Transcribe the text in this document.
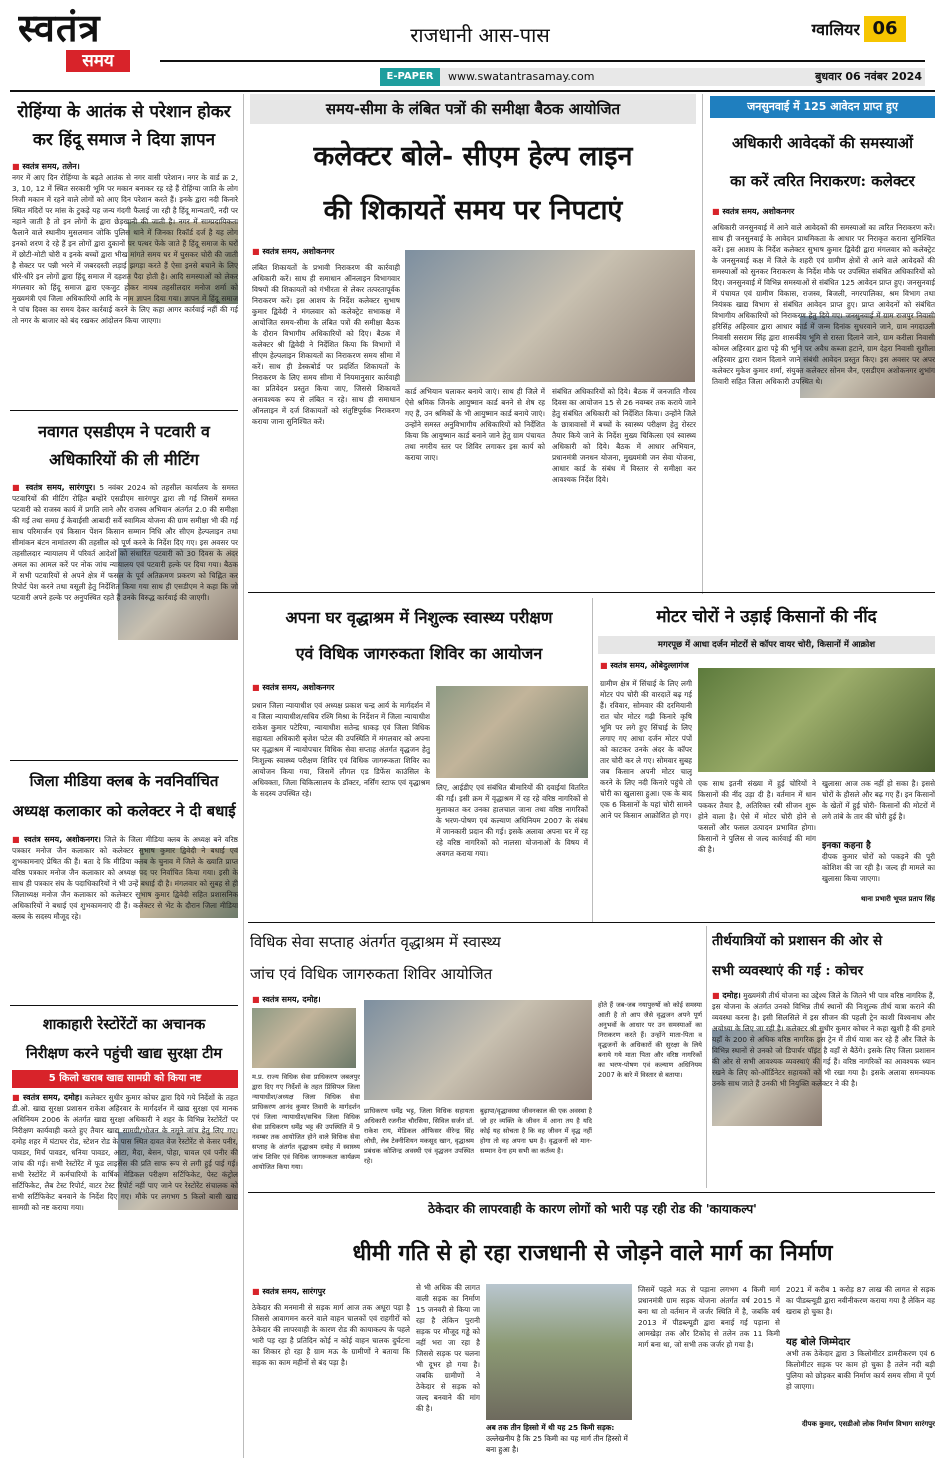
स्वतंत्र
समय
राजधानी आस-पास	ग्वालियर 06
E-PAPER	www.swatantrasamay.com	बुधवार 06 नवंबर 2024
रोहिंग्या के आतंक से परेशान होकर
कर हिंदू समाज ने दिया ज्ञापन
■ स्वतंत्र समय, तलेन।
नगर में आए दिन रोहिंग्या के बढ़ते आतंक से नगर वासी परेशान। नगर के वार्ड क्र 2, 3, 10, 12 में स्थित सरकारी भूमि पर मकान बनाकर रह रहे हैं रोहिंग्या जाति के लोग निजी मकान में रहने वाले लोगों को आए दिन परेशान करते हैं। इनके द्वारा नदी किनारे स्थित मंदिरों पर मांस के टुकड़े यह जन्य गंदगी फैलाई जा रही है हिंदू मान्यताएँ, नदी पर नहाने जाती है तो इन लोगों के द्वारा छेड़खानी की जाती है। नगर में साम्प्रदायिकता फैलाने वाले स्थानीय मुसलमान जोकि पुलिस थाने में जिनका रिकॉर्ड दर्ज है यह लोग इनको शरण दे रहे हैं इन लोगों द्वारा दुकानों पर पत्थर फेंके जाते हैं हिंदू समाज के घरों में छोटी-मोटी चोरी व इनके बच्चों द्वारा भीख मांगते समय घर में घुसकर चोरी की जाती है सेक्टर पर पन्नी भरने में जबरदस्ती लड़ाई झगड़ा करते हैं ऐसा इनसे बचाने के लिए धीरे-धीरे इन लोगों द्वारा हिंदू समाज में दहशत पैदा होती है। आदि समस्याओं को लेकर मंगलवार को हिंदू समाज द्वारा एकजुट होकर नायब तहसीलदार मनोज शर्मा को मुख्यमंत्री एवं जिला अधिकारियों आदि के नाम ज्ञापन दिया गया। ज्ञापन में हिंदू समाज ने पांच दिवस का समय देकर कार्रवाई करने के लिए कहा आगर कार्रवाई नहीं की गई तो नगर के बाजार को बंद रखकर आंदोलन किया जाएगा।
नवागत एसडीएम ने पटवारी व
अधिकारियों की ली मीटिंग
■ स्वतंत्र समय, सारंगपुर। 5 नवंबर 2024 को तहसील कार्यालय के समस्त पटवारियों की मीटिंग रोहित बम्होरे एसडीएम सारंगपुर द्वारा ली गई जिसमें समस्त पटवारी को राजस्व कार्य में प्रगति लाने और राजस्व अभियान अंतर्गत 2.0 की समीक्षा की गई तथा समग्र ई केवाईसी आबादी सर्वे स्वामित्व योजना की ग्राम समीक्षा भी की गई साथ परिमार्जन एवं किसान पेंशन किसान सम्मान निधि और सीएम हेल्पलाइन तथा सीमांकन बंटन नामांतरण की तहसील को पूर्ण करने के निर्देश दिए गए। इस अवसर पर तहसीलदार न्यायालय में परिवर्त आदेशों को संधारित पटवारी को 30 दिवस के अंदर अमल का आमल करें पर नोक जांच न्यायालय एवं पटवारी हल्के पर दिया गया। बैठक में सभी पटवारियों से अपने क्षेत्र में फसल के पूर्व अतिक्रमण प्रकरण को चिह्नित कर रिपोर्ट पेश करने तथा वसूली हेतु निर्देशित किया गया साथ ही एसडीएम ने कहा कि जो पटवारी अपने हल्के पर अनुपस्थित रहते हैं उनके विरुद्ध कार्रवाई की जाएगी।
जिला मीडिया क्लब के नवनिर्वाचित
अध्यक्ष कलाकार को कलेक्टर ने दी बधाई
■ स्वतंत्र समय, अशोकनगर। जिले के जिला मीडिया क्लब के अध्यक्ष बने वरिष्ठ पत्रकार मनोज जैन कलाकार को कलेक्टर सुभाष कुमार द्विवेदी ने बधाई एवं शुभकामनाएं प्रेषित की हैं। बता दे कि मीडिया क्लब के चुनाव में जिले के ख्याति प्राप्त वरिष्ठ पत्रकार मनोज जैन कलाकार को अध्यक्ष पद पर निर्वाचित किया गया। इसी के साथ ही पत्रकार संघ के पदाधिकारियों ने भी उन्हें बधाई दी है। मंगलवार को सुबह से ही जिलाध्यक्ष मनोज जैन कलाकार को कलेक्टर सुभाष कुमार द्विवेदी सहित प्रशासनिक अधिकारियों ने बधाई एवं शुभकामनाएं दी हैं। कलेक्टर से भेंट के दौरान जिला मीडिया क्लब के सदस्य मौजूद रहे।
शाकाहारी रेस्टोरेंटों का अचानक
निरीक्षण करने पहुंची खाद्य सुरक्षा टीम
5 किलो खराब खाद्य सामग्री को किया नष्ट
■ स्वतंत्र समय, दमोह। कलेक्टर सुधीर कुमार कोचर द्वारा दिये गये निर्देशों के तहत डी.ओ. खाद्य सुरक्षा प्रशासन राकेश अहिरवार के मार्गदर्शन में खाद्य सुरक्षा एवं मानक अधिनियम 2006 के अंतर्गत खाद्य सुरक्षा अधिकारी ने शहर के विभिन्न रेस्टोरेंटों पर निरीक्षण कार्यवाही करते हुए तैयार खाद्य सामग्री/भोजन के नमूने जांच हेतु लिए गए। दमोह शहर में घंटाघर रोड, स्टेशन रोड के पास स्थित दावत वेज रेस्टोरेंट से केसर पनीर, पावडर, मिर्च पावडर, धनिया पावडर, आटा, मैदा, बेसन, पोहा, चावल एवं पनीर की जांच की गई। सभी रेस्टोरेंट में फूड लाइसेंस की प्रति साफ रूप से लगी हुई पाई गई। सभी रेस्टोरेंट में कर्मचारियों के वार्षिक मेडिकल परीक्षण सर्टिफिकेट, पेस्ट कंट्रोल सर्टिफिकेट, लैब टेस्ट रिपोर्ट, वाटर टेस्ट रिपोर्ट नहीं पाए जाने पर रेस्टोरेंट संचालक को सभी सर्टिफिकेट बनवाने के निर्देश दिए गए। मौके पर लगभग 5 किलो बासी खाद्य सामग्री को नष्ट कराया गया।
समय-सीमा के लंबित पत्रों की समीक्षा बैठक आयोजित
कलेक्टर बोले- सीएम हेल्प लाइन
की शिकायतें समय पर निपटाएं
■ स्वतंत्र समय, अशोकनगर
लंबित शिकायतों के प्रभावी निराकरण की कार्रवाही अधिकारी करें। साथ ही समाधान ऑनलाइन विभागवार विषयों की शिकायतों को गंभीरता से लेकर तत्परतापूर्वक निराकरण करें। इस आशय के निर्देश कलेक्टर सुभाष कुमार द्विवेदी ने मंगलवार को कलेक्ट्रेट सभाकक्ष में आयोजित समय-सीमा के लंबित पत्रों की समीक्षा बैठक के दौरान विभागीय अधिकारियों को दिए। बैठक में कलेक्टर श्री द्विवेदी ने निर्देशित किया कि विभागों में सीएम हेल्पलाइन शिकायतों का निराकरण समय सीमा में करें। साथ ही डेस्कबोर्ड पर प्रदर्शित शिकायतों के निराकरण के लिए समय सीमा में नियमानुसार कार्रवाही का प्रतिवेदन प्रस्तुत किया जाए, जिससे शिकायतें अनावश्यक रूप से लंबित न रहे। साथ ही समाधान ऑनलाइन में दर्ज शिकायतों को संतुष्टिपूर्वक निराकरण कराया जाना सुनिश्चित करें।
कार्ड अभियान चलाकर बनाये जाएं। साथ ही जिले में ऐसे श्रमिक जिनके आयुष्मान कार्ड बनने से शेष रह गए हैं, उन श्रमिकों के भी आयुष्मान कार्ड बनाये जाएं। उन्होंने समस्त अनुविभागीय अधिकारियों को निर्देशित किया कि आयुष्मान कार्ड बनाने जाने हेतु ग्राम पंचायत तथा नगरीय स्तर पर शिविर लगाकर इस कार्य को कराया जाए।
संबंधित अधिकारियों को दिये। बैठक में जनजाति गौरव दिवस का आयोजन 15 से 26 नवम्बर तक कराये जाने हेतु संबंधित अधिकारी को निर्देशित किया। उन्होंने जिले के छात्रावासों में बच्चों के स्वास्थ्य परीक्षण हेतु रोस्टर तैयार किये जाने के निर्देश मुख्य चिकित्सा एवं स्वास्थ्य अधिकारी को दिये। बैठक में आधार अभियान, प्रधानमंत्री जनधन योजना, मुख्यमंत्री जन सेवा योजना, आधार कार्ड के संबंध में विस्तार से समीक्षा कर आवश्यक निर्देश दिये।
जनसुनवाई में 125 आवेदन प्राप्त हुए
अधिकारी आवेदकों की समस्याओं
का करें त्वरित निराकरण: कलेक्टर
■ स्वतंत्र समय, अशोकनगर
अधिकारी जनसुनवाई में आने वाले आवेदकों की समस्याओं का त्वरित निराकरण करें। साथ ही जनसुनवाई के आवेदन प्राथमिकता के आधार पर निराकृत कराना सुनिश्चित करें। इस आशय के निर्देश कलेक्टर सुभाष कुमार द्विवेदी द्वारा मंगलवार को कलेक्ट्रेट के जनसुनवाई कक्ष में जिले के शहरी एवं ग्रामीण क्षेत्रों से आने वाले आवेदकों की समस्याओं को सुनकर निराकरण के निर्देश मौके पर उपस्थित संबंधित अधिकारियों को दिए। जनसुनवाई में विभिन्न समस्याओं से संबंधित 125 आवेदन प्राप्त हुए। जनसुनवाई में पंचायत एवं ग्रामीण विकास, राजस्व, बिजली, नगरपालिका, श्रम विभाग तथा नियंत्रक खाद्य विभाग से संबंधित आवेदन प्राप्त हुए। प्राप्त आवेदनों को संबंधित विभागीय अधिकारियों को निराकरण हेतु दिये गए। जनसुनवाई में ग्राम राजपुर निवासी हरिसिंह अहिरवार द्वारा आधार कार्ड में जन्म दिनांक सुधरवाने जाने, ग्राम नगदाउली निवासी ससराम सिंह द्वारा शासकीय भूमि से रास्ता दिलाने जाने, ग्राम करीला निवासी कोमल अहिरवार द्वारा पट्टे की भूमि पर अवैध कब्जा हटाने, ग्राम देहरा निवासी सुशीला अहिरवार द्वारा राशन दिलाने जाने संबंधी आवेदन प्रस्तुत किए। इस अवसर पर अपर कलेक्टर मुकेश कुमार शर्मा, संयुक्त कलेक्टर सोनम जैन, एसडीएम अशोकनगर शुभांग तिवारी सहित जिला अधिकारी उपस्थित थे।
अपना घर वृद्धाश्रम में निशुल्क स्वास्थ्य परीक्षण
एवं विधिक जागरुकता शिविर का आयोजन
■ स्वतंत्र समय, अशोकनगर
प्रधान जिला न्यायाधीश एवं अध्यक्ष प्रकाश चन्द्र आर्य के मार्गदर्शन में व जिला न्यायाधीश/सचिव रश्मि मिश्रा के निर्देशन में जिला न्यायाधीश राकेश कुमार पटेरिया, न्यायाधीश सतेन्द्र धाकड़ एवं जिला विधिक सहायता अधिकारी बृजेश पटेल की उपस्थिति में मंगलवार को अपना घर वृद्धाश्रम में न्यायोपचार विधिक सेवा सप्ताह अंतर्गत वृद्धजन हेतु निःशुल्क स्वास्थ्य परीक्षण शिविर एवं विधिक जागरूकता शिविर का आयोजन किया गया, जिसमें लीगल एड डिफेंस काउंसिल के अधिवक्ता, जिला चिकित्सालय के डॉक्टर, नर्सिंग स्टाफ एवं वृद्धाश्रम के सदस्य उपस्थित रहे।
लिए, आईडीए एवं संबंधित बीमारियों की दवाईयां वितरित की गईं। इसी क्रम में वृद्धाश्रम में रह रहे वरिष्ठ नागरिकों से मुलाकात कर उनका हालचाल जाना तथा वरिष्ठ नागरिकों के भरण-पोषण एवं कल्याण अधिनियम 2007 के संबंध में जानकारी प्रदान की गई। इसके अलावा अपना घर में रह रहे वरिष्ठ नागरिकों को नालसा योजनाओं के विषय में अवगत कराया गया।
मोटर चोरों ने उड़ाई किसानों की नींद
मगरपूछ में आधा दर्जन मोटरों से कॉपर वायर चोरी, किसानों में आक्रोश
■ स्वतंत्र समय, ओबेदुल्लागंज
ग्रामीण क्षेत्र में सिंचाई के लिए लगी मोटर पंप चोरी की वारदातें बढ़ गई हैं। रविवार, सोमवार की दरमियानी रात चोर मोटर गढ़ी किनारे कृषि भूमि पर लगे हुए सिंचाई के लिए लगाए गए आधा दर्जन मोटर पंपों को काटकर उनके अंदर के कॉपर तार चोरी कर ले गए। सोमवार सुबह जब किसान अपनी मोटर चालू करने के लिए नदी किनारे पहुंचे तो चोरी का खुलासा हुआ। एक के बाद एक 6 किसानों के यहां चोरी सामने आने पर किसान आक्रोशित हो गए।
एक साथ इतनी संख्या में हुई चोरियों ने किसानों की नींद उड़ा दी है। वर्तमान में धान पककर तैयार है, अतिरिक्त रबी सीजन शुरू होने वाला है। ऐसे में मोटर चोरी होने से फसलों और फसल उत्पादन प्रभावित होगा। किसानों ने पुलिस से जल्द कार्रवाई की मांग की है।
खुलासा आज तक नहीं हो सका है। इससे चोरों के हौसले और बढ़ गए हैं। इन किसानों के खेतों में हुई चोरी- किसानों की मोटरों में लगे तांबे के तार की चोरी हुई है।
इनका कहना है
दीपक कुमार चोरों को पकड़ने की पूरी कोशिश की जा रही है। जल्द ही मामले का खुलासा किया जाएगा।
थाना प्रभारी भूपत प्रताप सिंह
विधिक सेवा सप्ताह अंतर्गत वृद्धाश्रम में स्वास्थ्य
जांच एवं विधिक जागरुकता शिविर आयोजित
■ स्वतंत्र समय, दमोह।
म.प्र. राज्य विधिक सेवा प्राधिकरण जबलपुर द्वारा दिए गए निर्देशों के तहत प्रिंसिपल जिला न्यायाधीश/अध्यक्ष जिला विधिक सेवा प्राधिकरण आनंद कुमार तिवारी के मार्गदर्शन एवं जिला न्यायाधीश/सचिव जिला विधिक सेवा प्राधिकरण धर्मेंद्र भट्ट की उपस्थिति में 9 नवम्बर तक आयोजित होने वाले विधिक सेवा सप्ताह के अंतर्गत वृद्धाश्रम दमोह में स्वास्थ्य जांच शिविर एवं विधिक जागरूकता कार्यक्रम आयोजित किया गया।
प्राधिकरण धर्मेंद्र भट्ट, जिला विधिक सहायता अधिकारी रजनीश चौरसिया, सिविल सर्जन डॉ. राकेश राय, मेडिकल ऑफिसर वीरेन्द्र सिंह लोधी, लेब टेक्नीशियन मकसूद खान, वृद्धाश्रम प्रबंधक कोशिन्द्र अवस्थी एवं वृद्धजन उपस्थित रहे।
बुढ़ापा/वृद्धावस्था जीवनकाल की एक अवस्था है जो हर व्यक्ति के जीवन में आना तय है यदि कोई यह सोचता है कि वह जीवन में वृद्ध नहीं होगा तो वह अपना भ्रम है। वृद्धजनों को मान-सम्मान देना हम सभी का कर्तव्य है।
होते हैं जब-जब नयापुरुषों को कोई समस्या आती है तो आप जैसे वृद्धजन अपने पूर्ण अनुभवों के आधार पर उन समस्याओं का निराकरण करते हैं। उन्होंने माता-पिता व वृद्धजनों के अधिकारों की सुरक्षा के लिये बनाये गये माता पिता और वरिष्ठ नागरिकों का भरण-पोषण एवं कल्याण अधिनियम 2007 के बारे में विस्तार से बताया।
तीर्थयात्रियों को प्रशासन की ओर से
सभी व्यवस्थाएं की गई : कोचर
■ दमोह। मुख्यमंत्री तीर्थ योजना का उद्देश्य जिले के जितने भी पात्र वरिष्ठ नागरिक हैं, इस योजना के अंतर्गत उनको विभिन्न तीर्थ स्थानों की निःशुल्क तीर्थ यात्रा कराने की व्यवस्था करना है। इसी सिलसिले में इस सीजन की पहली ट्रेन काशी विश्वनाथ और अयोध्या के लिए जा रही है। कलेक्टर श्री सुधीर कुमार कोचर ने कहा खुशी है की हमारे यहाँ के 200 से अधिक वरिष्ठ नागरिक इस ट्रेन में तीर्थ यात्रा कर रहे हैं और जिले के विभिन्न स्थानों से उनको जो डिपार्चर पॉइंट है वहाँ से बैठेंगे। इसके लिए जिला प्रशासन की ओर से सभी आवश्यक व्यवस्थाएं की गई हैं। वरिष्ठ नागरिकों का आवश्यक ध्यान रखने के लिए को-ऑर्डिनेटर सहायकों को भी रखा गया है। इसके अलावा समन्वयक उनके साथ जाते हैं उनकी भी नियुक्ति कलेक्टर ने की है।
ठेकेदार की लापरवाही के कारण लोगों को भारी पड़ रही रोड की 'कायाकल्प'
धीमी गति से हो रहा राजधानी से जोड़ने वाले मार्ग का निर्माण
■ स्वतंत्र समय, सारंगपुर
ठेकेदार की मनमानी से सड़क मार्ग आज तक अधूरा पड़ा है जिससे आवागमन करने वाले वाहन चालकों एवं राहगीरों को ठेकेदार की लापरवाही के कारण रोड की कायाकल्प के पहले भारी पड़ रहा है प्रतिदिन कोई न कोई वाहन चालक दुर्घटना का शिकार हो रहा है ग्राम मऊ के ग्रामीणों ने बताया कि सड़क का काम महीनों से बंद पड़ा है।
से भी अधिक की लागत वाली सड़क का निर्माण 15 जनवरी से किया जा रहा है लेकिन पुरानी सड़क पर मौजूद गड्ढे को नहीं भरा जा रहा है जिससे सड़क पर चलना भी दूभर हो गया है। जबकि ग्रामीणों ने ठेकेदार से सड़क को जल्द बनवाने की मांग की है।
अब तक तीन हिस्सो में थी यह 25 किमी सड़क: उल्लेखनीय है कि 25 किमी का यह मार्ग तीन हिस्सो में बना हुआ है।
जिसमें पहले मऊ से पड़ाना लगभग 4 किमी मार्ग प्रधानमंत्री ग्राम सड़क योजना अंतर्गत वर्ष 2015 में बना था तो वर्तमान में जर्जर स्थिति में है, जबकि वर्ष 2013 में पीडब्ल्यूडी द्वारा बनाई गई पड़ाना से आमखेड़ा तक और टिकोद से तलेन तक 11 किमी मार्ग बना था, जो सभी तक जर्जर हो गया है।
2021 में करीब 1 करोड़ 87 लाख की लागत से सड़क का पीडब्ल्यूडी द्वारा नवीनीकरण कराया गया है लेकिन वह खराब हो चुका है।
यह बोले जिम्मेदार
अभी तक ठेकेदार द्वारा 3 किलोमीटर डामरीकरण एवं 6 किलोमीटर सड़क पर काम हो चुका है तलेन नदी बड़ी पुलिया को छोड़कर बाकी निर्माण कार्य समय सीमा में पूर्ण हो जाएगा।
दीपक कुमार, एसडीओ लोक निर्माण विभाग सारंगपुर
